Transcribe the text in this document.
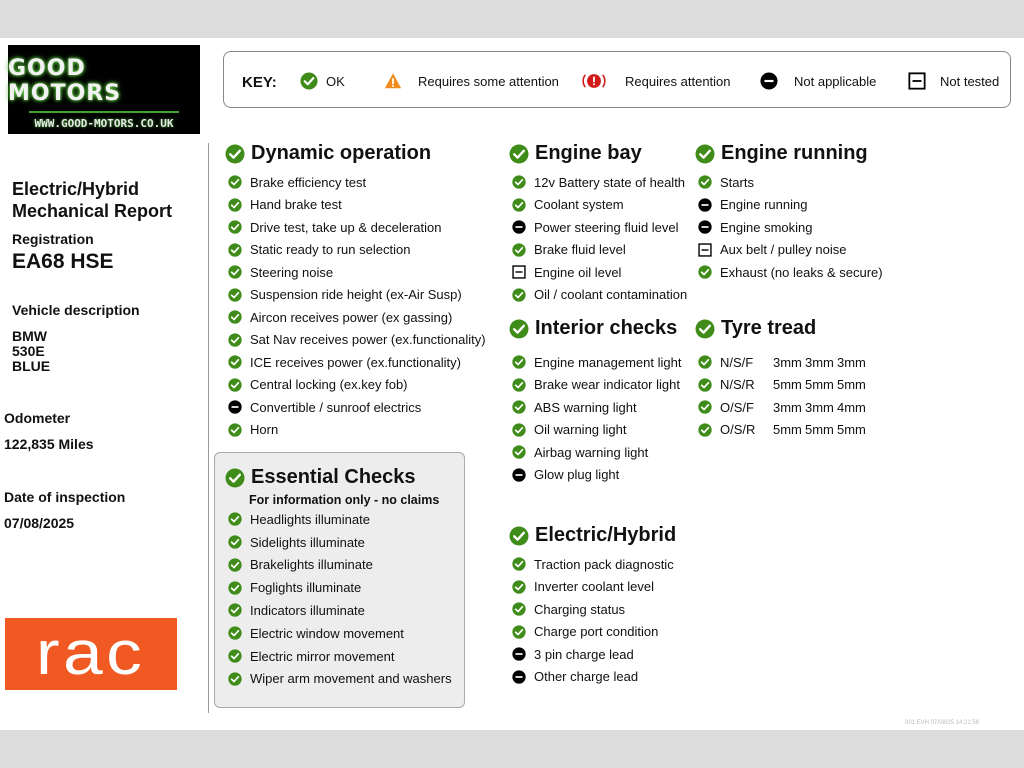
GOOD MOTORS
WWW.GOOD-MOTORS.CO.UK
KEY:	OK	Requires some attention	Requires attention	Not applicable	Not tested
Electric/Hybrid
Mechanical Report
Registration
EA68 HSE
Vehicle description
BMW
530E
BLUE
Odometer
122,835 Miles
Date of inspection
07/08/2025
rac
Dynamic operation
Brake efficiency test
Hand brake test
Drive test, take up & deceleration
Static ready to run selection
Steering noise
Suspension ride height (ex-Air Susp)
Aircon receives power (ex gassing)
Sat Nav receives power (ex.functionality)
ICE receives power (ex.functionality)
Central locking (ex.key fob)
Convertible / sunroof electrics
Horn
Essential Checks
For information only - no claims
Headlights illuminate
Sidelights illuminate
Brakelights illuminate
Foglights illuminate
Indicators illuminate
Electric window movement
Electric mirror movement
Wiper arm movement and washers
Engine bay
12v Battery state of health
Coolant system
Power steering fluid level
Brake fluid level
Engine oil level
Oil / coolant contamination
Interior checks
Engine management light
Brake wear indicator light
ABS warning light
Oil warning light
Airbag warning light
Glow plug light
Electric/Hybrid
Traction pack diagnostic
Inverter coolant level
Charging status
Charge port condition
3 pin charge lead
Other charge lead
Engine running
Starts
Engine running
Engine smoking
Aux belt / pulley noise
Exhaust (no leaks & secure)
Tyre tread
N/S/F	3mm 3mm 3mm
N/S/R	5mm 5mm 5mm
O/S/F	3mm 3mm 4mm
O/S/R	5mm 5mm 5mm
001 EVH 07/08/25 14:21:56
